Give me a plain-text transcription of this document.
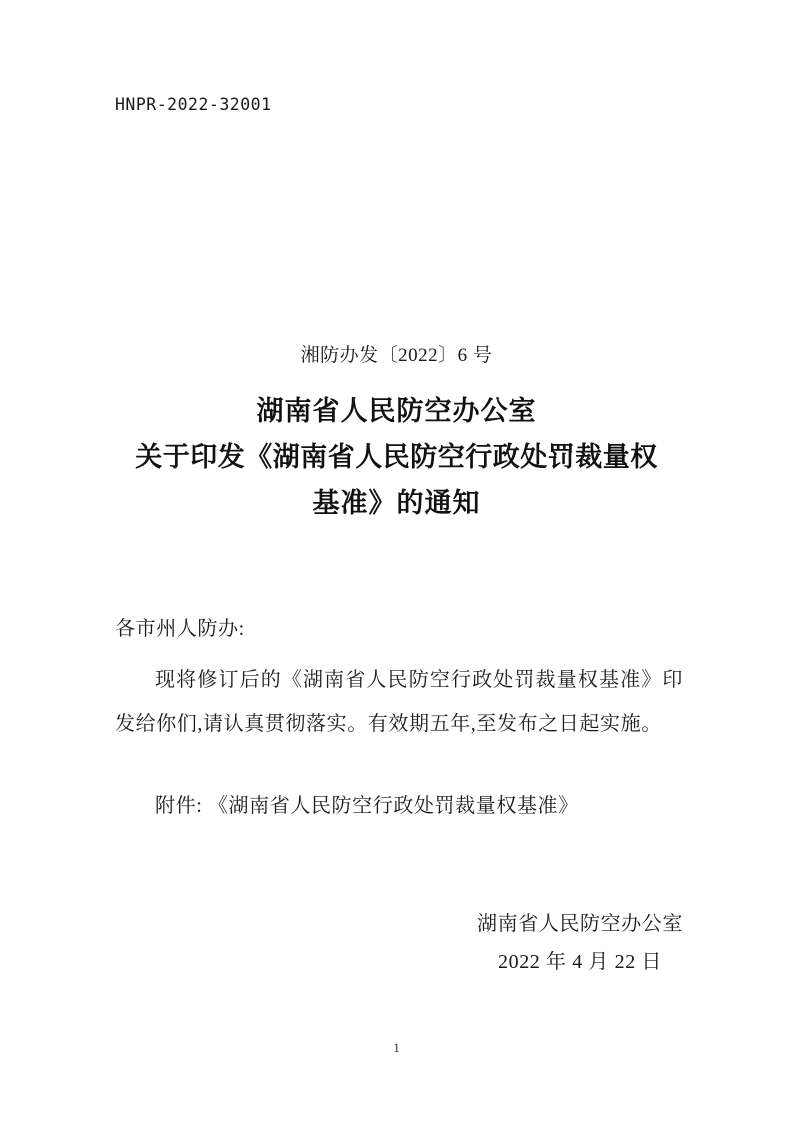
HNPR-2022-32001
湘防办发〔2022〕6 号
湖南省人民防空办公室
关于印发《湖南省人民防空行政处罚裁量权
基准》的通知
各市州人防办:
现将修订后的《湖南省人民防空行政处罚裁量权基准》印发给你们,请认真贯彻落实。有效期五年,至发布之日起实施。
附件: 《湖南省人民防空行政处罚裁量权基准》
湖南省人民防空办公室
2022 年 4 月 22 日
1
